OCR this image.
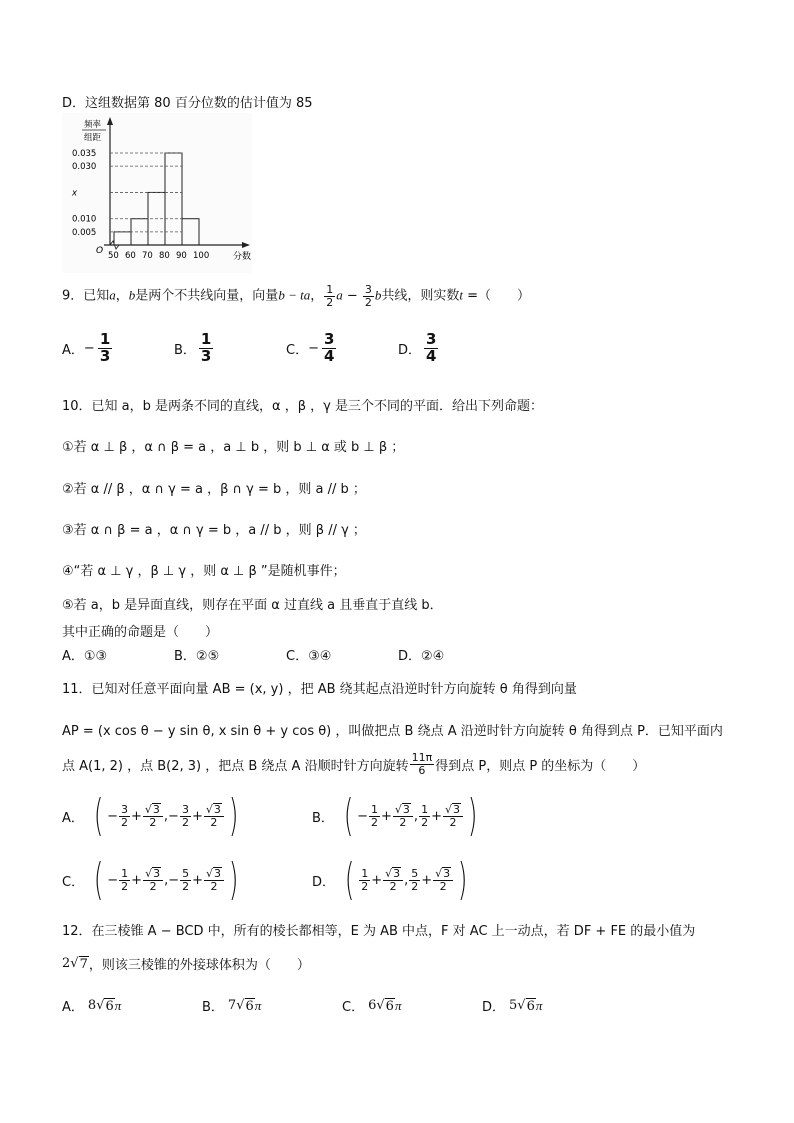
D．这组数据第 80 百分位数的估计值为 85
频率
组距
0.035
0.030
x
0.010
0.005
50 60 70 80 90 100	分数
O
9．已知a，b是两个不共线向量，向量b − ta， $\frac{1}{2}$ $a - \frac{3}{2}$ b共线，则实数t =（　　）
A． − $\frac{1}{3}$	B． $\frac{1}{3}$	C． − $\frac{3}{4}$	D． $\frac{3}{4}$
10．已知 a，b 是两条不同的直线，α ，β ，γ 是三个不同的平面．给出下列命题：
①若 α ⊥ β ，α ∩ β = a ，a ⊥ b ，则 b ⊥ α 或 b ⊥ β ；
②若 α // β ，α ∩ γ = a ，β ∩ γ = b ，则 a // b ；
③若 α ∩ β = a ，α ∩ γ = b ，a // b ，则 β // γ ；
④“若 α ⊥ γ ，β ⊥ γ ，则 α ⊥ β ”是随机事件；
⑤若 a，b 是异面直线，则存在平面 α 过直线 a 且垂直于直线 b．
其中正确的命题是（　　）
A．①③	B．②⑤	C．③④	D．②④
11．已知对任意平面向量 AB = (x, y) ，把 AB 绕其起点沿逆时针方向旋转 θ 角得到向量
AP = (x cos θ − y sin θ, x sin θ + y cos θ) ，叫做把点 B 绕点 A 沿逆时针方向旋转 θ 角得到点 P．已知平面内
点 A(1, 2) ，点 B(2, 3) ，把点 B 绕点 A 沿顺时针方向旋转 $\frac{11\pi}{6}$ 得到点 P，则点 P 的坐标为（　　）
A． ( − $\frac{3}{2} + \frac{√3}{2}$ , − $\frac{3}{2} + \frac{√3}{2}$ )	B． ( − $\frac{1}{2} + \frac{√3}{2}$ , $\frac{1}{2} + \frac{√3}{2}$ )
C． ( − $\frac{1}{2} + \frac{√3}{2}$ , − $\frac{5}{2} + \frac{√3}{2}$ )	D． ( $\frac{1}{2} + \frac{√3}{2}$ , $\frac{5}{2} + \frac{√3}{2}$ )
12．在三棱锥 A − BCD 中，所有的棱长都相等，E 为 AB 中点，F 对 AC 上一动点，若 DF + FE 的最小值为
2 √ 7 ，则该三棱锥的外接球体积为（　　）
A． 8 √ 6 π	B． 7 √ 6 π	C． 6 √ 6 π	D． 5 √ 6 π
